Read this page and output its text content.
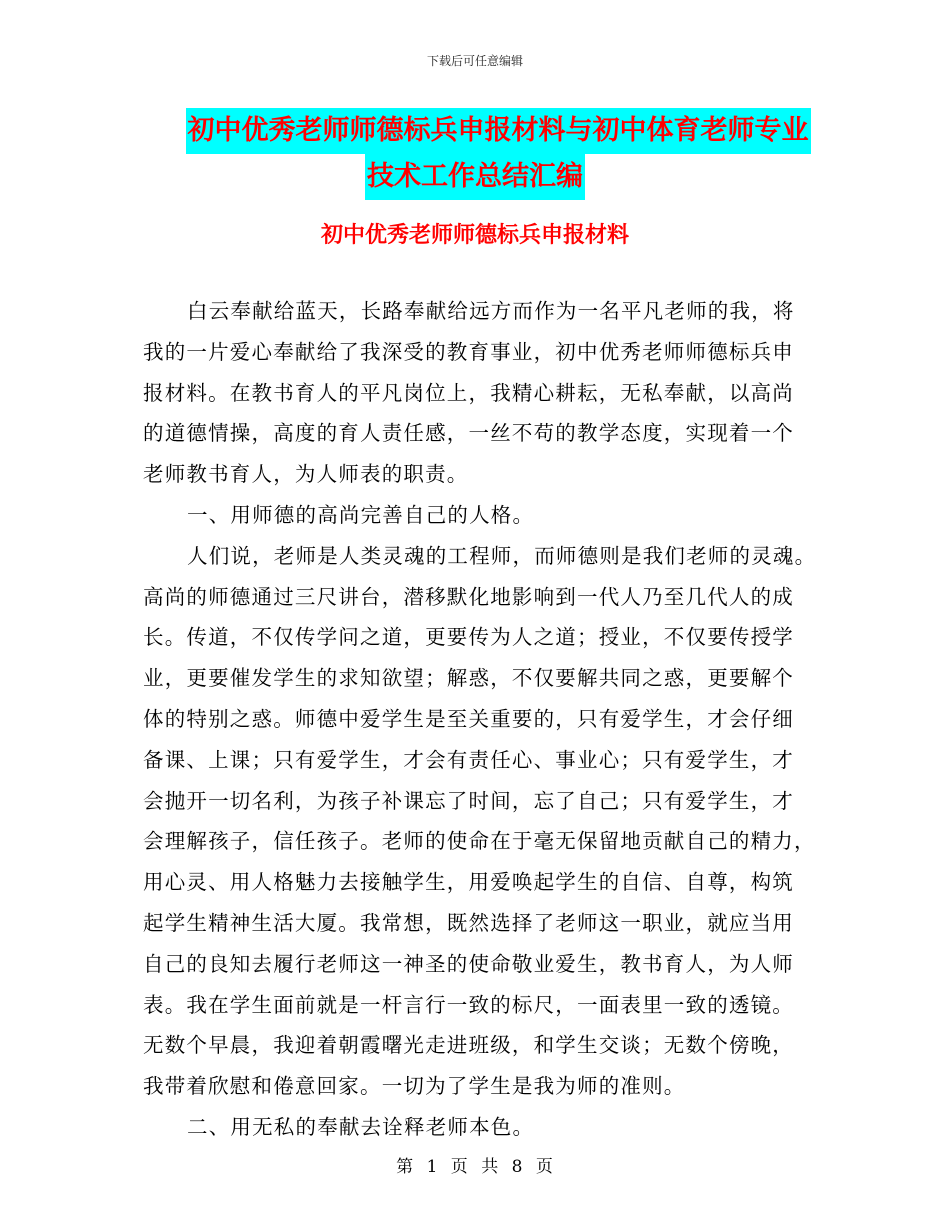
下载后可任意编辑
初中优秀老师师德标兵申报材料与初中体育老师专业
技术工作总结汇编
初中优秀老师师德标兵申报材料
白云奉献给蓝天，长路奉献给远方而作为一名平凡老师的我，将
我的一片爱心奉献给了我深受的教育事业，初中优秀老师师德标兵申
报材料。在教书育人的平凡岗位上，我精心耕耘，无私奉献，以高尚
的道德情操，高度的育人责任感，一丝不苟的教学态度，实现着一个
老师教书育人，为人师表的职责。
一、用师德的高尚完善自己的人格。
人们说，老师是人类灵魂的工程师，而师德则是我们老师的灵魂。
高尚的师德通过三尺讲台，潜移默化地影响到一代人乃至几代人的成
长。传道，不仅传学问之道，更要传为人之道；授业，不仅要传授学
业，更要催发学生的求知欲望；解惑，不仅要解共同之惑，更要解个
体的特别之惑。师德中爱学生是至关重要的，只有爱学生，才会仔细
备课、上课；只有爱学生，才会有责任心、事业心；只有爱学生，才
会抛开一切名利，为孩子补课忘了时间，忘了自己；只有爱学生，才
会理解孩子，信任孩子。老师的使命在于毫无保留地贡献自己的精力，
用心灵、用人格魅力去接触学生，用爱唤起学生的自信、自尊，构筑
起学生精神生活大厦。我常想，既然选择了老师这一职业，就应当用
自己的良知去履行老师这一神圣的使命敬业爱生，教书育人，为人师
表。我在学生面前就是一杆言行一致的标尺，一面表里一致的透镜。
无数个早晨，我迎着朝霞曙光走进班级，和学生交谈；无数个傍晚，
我带着欣慰和倦意回家。一切为了学生是我为师的准则。
二、用无私的奉献去诠释老师本色。
第 1 页 共 8 页
